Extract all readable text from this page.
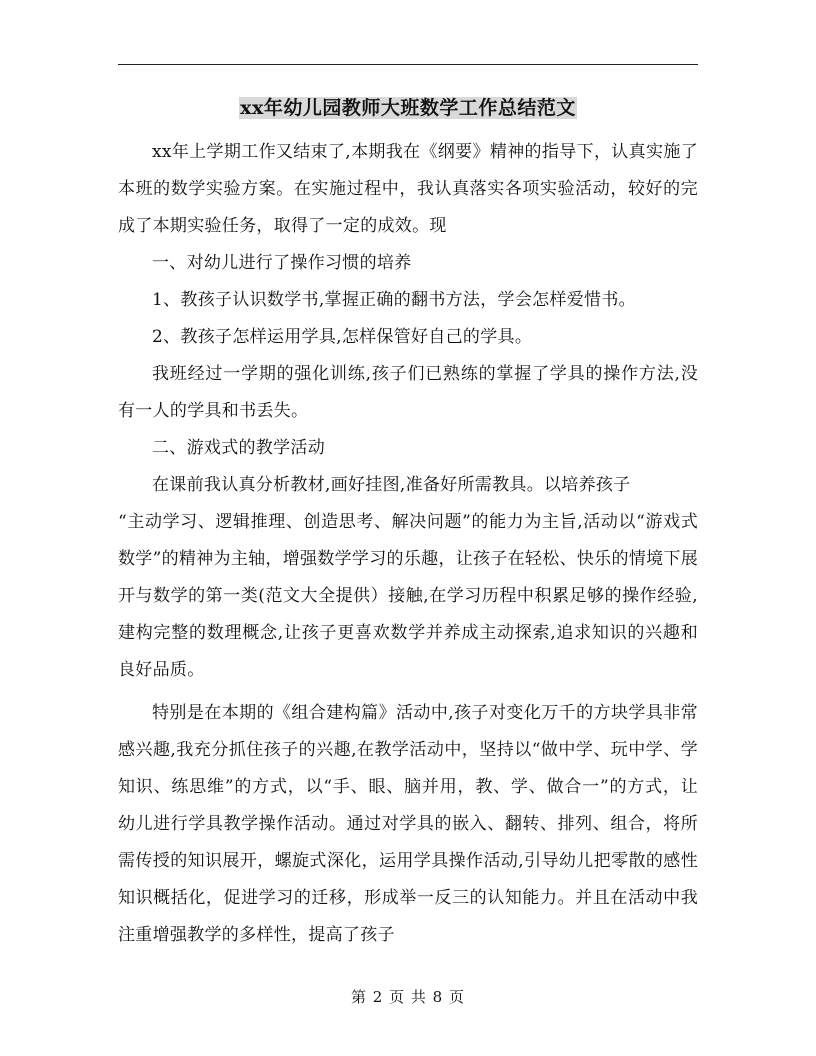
xx年幼儿园教师大班数学工作总结范文

xx年上学期工作又结束了,本期我在《纲要》精神的指导下，认真实施了本班的数学实验方案。在实施过程中，我认真落实各项实验活动，较好的完成了本期实验任务，取得了一定的成效。现

一、对幼儿进行了操作习惯的培养

1、教孩子认识数学书,掌握正确的翻书方法，学会怎样爱惜书。

2、教孩子怎样运用学具,怎样保管好自己的学具。

我班经过一学期的强化训练,孩子们已熟练的掌握了学具的操作方法,没有一人的学具和书丢失。

二、游戏式的教学活动

在课前我认真分析教材,画好挂图,准备好所需教具。以培养孩子

“主动学习、逻辑推理、创造思考、解决问题”的能力为主旨,活动以“游戏式数学”的精神为主轴，增强数学学习的乐趣，让孩子在轻松、快乐的情境下展开与数学的第一类(范文大全提供）接触,在学习历程中积累足够的操作经验,建构完整的数理概念,让孩子更喜欢数学并养成主动探索,追求知识的兴趣和良好品质。

特别是在本期的《组合建构篇》活动中,孩子对变化万千的方块学具非常感兴趣,我充分抓住孩子的兴趣,在教学活动中，坚持以“做中学、玩中学、学知识、练思维”的方式，以“手、眼、脑并用，教、学、做合一”的方式，让幼儿进行学具教学操作活动。通过对学具的嵌入、翻转、排列、组合，将所需传授的知识展开，螺旋式深化，运用学具操作活动,引导幼儿把零散的感性知识概括化，促进学习的迁移，形成举一反三的认知能力。并且在活动中我注重增强教学的多样性，提高了孩子

第 2 页 共 8 页
